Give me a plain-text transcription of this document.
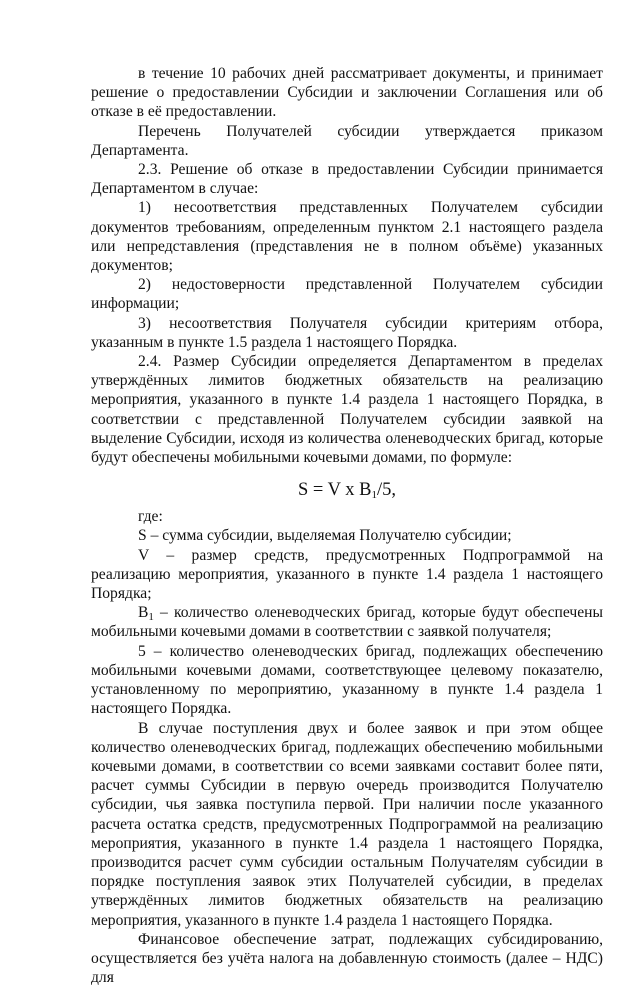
в течение 10 рабочих дней рассматривает документы, и принимает решение о предоставлении Субсидии и заключении Соглашения или об отказе в её предоставлении.

Перечень Получателей субсидии утверждается приказом Департамента.

2.3. Решение об отказе в предоставлении Субсидии принимается Департаментом в случае:

1) несоответствия представленных Получателем субсидии документов требованиям, определенным пунктом 2.1 настоящего раздела или непредставления (представления не в полном объёме) указанных документов;

2) недостоверности представленной Получателем субсидии информации;

3) несоответствия Получателя субсидии критериям отбора, указанным в пункте 1.5 раздела 1 настоящего Порядка.

2.4. Размер Субсидии определяется Департаментом в пределах утверждённых лимитов бюджетных обязательств на реализацию мероприятия, указанного в пункте 1.4 раздела 1 настоящего Порядка, в соответствии с представленной Получателем субсидии заявкой на выделение Субсидии, исходя из количества оленеводческих бригад, которые будут обеспечены мобильными кочевыми домами, по формуле:

S = V x $B_1/5$,

где:

S – сумма субсидии, выделяемая Получателю субсидии;

V – размер средств, предусмотренных Подпрограммой на реализацию мероприятия, указанного в пункте 1.4 раздела 1 настоящего Порядка;

$B_1$ – количество оленеводческих бригад, которые будут обеспечены мобильными кочевыми домами в соответствии с заявкой получателя;

5 – количество оленеводческих бригад, подлежащих обеспечению мобильными кочевыми домами, соответствующее целевому показателю, установленному по мероприятию, указанному в пункте 1.4 раздела 1 настоящего Порядка.

В случае поступления двух и более заявок и при этом общее количество оленеводческих бригад, подлежащих обеспечению мобильными кочевыми домами, в соответствии со всеми заявками составит более пяти, расчет суммы Субсидии в первую очередь производится Получателю субсидии, чья заявка поступила первой. При наличии после указанного расчета остатка средств, предусмотренных Подпрограммой на реализацию мероприятия, указанного в пункте 1.4 раздела 1 настоящего Порядка, производится расчет сумм субсидии остальным Получателям субсидии в порядке поступления заявок этих Получателей субсидии, в пределах утверждённых лимитов бюджетных обязательств на реализацию мероприятия, указанного в пункте 1.4 раздела 1 настоящего Порядка.

Финансовое обеспечение затрат, подлежащих субсидированию, осуществляется без учёта налога на добавленную стоимость (далее – НДС) для
